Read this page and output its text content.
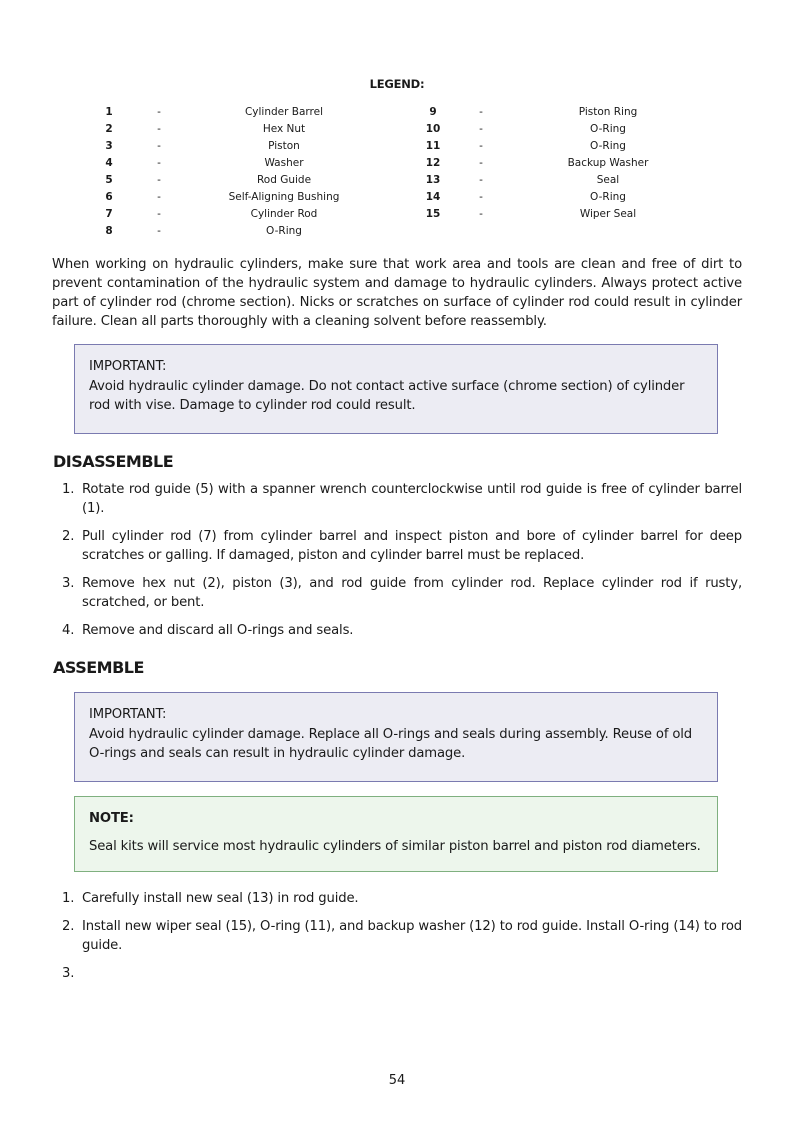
LEGEND:
1	-	Cylinder Barrel
2	-	Hex Nut
3	-	Piston
4	-	Washer
5	-	Rod Guide
6	-	Self-Aligning Bushing
7	-	Cylinder Rod
8	-	O-Ring
9	-	Piston Ring
10	-	O-Ring
11	-	O-Ring
12	-	Backup Washer
13	-	Seal
14	-	O-Ring
15	-	Wiper Seal
When working on hydraulic cylinders, make sure that work area and tools are clean and free of dirt to prevent contamination of the hydraulic system and damage to hydraulic cylinders. Always protect active part of cylinder rod (chrome section). Nicks or scratches on surface of cylinder rod could result in cylinder failure. Clean all parts thoroughly with a cleaning solvent before reassembly.
IMPORTANT:
Avoid hydraulic cylinder damage. Do not contact active surface (chrome section) of cylinder rod with vise. Damage to cylinder rod could result.
DISASSEMBLE
1. Rotate rod guide (5) with a spanner wrench counterclockwise until rod guide is free of cylinder barrel (1).
2. Pull cylinder rod (7) from cylinder barrel and inspect piston and bore of cylinder barrel for deep scratches or galling. If damaged, piston and cylinder barrel must be replaced.
3. Remove hex nut (2), piston (3), and rod guide from cylinder rod. Replace cylinder rod if rusty, scratched, or bent.
4. Remove and discard all O-rings and seals.
ASSEMBLE
IMPORTANT:
Avoid hydraulic cylinder damage. Replace all O-rings and seals during assembly. Reuse of old O-rings and seals can result in hydraulic cylinder damage.
NOTE:
Seal kits will service most hydraulic cylinders of similar piston barrel and piston rod diameters.
1. Carefully install new seal (13) in rod guide.
2. Install new wiper seal (15), O-ring (11), and backup washer (12) to rod guide. Install O-ring (14) to rod guide.
3.
54
